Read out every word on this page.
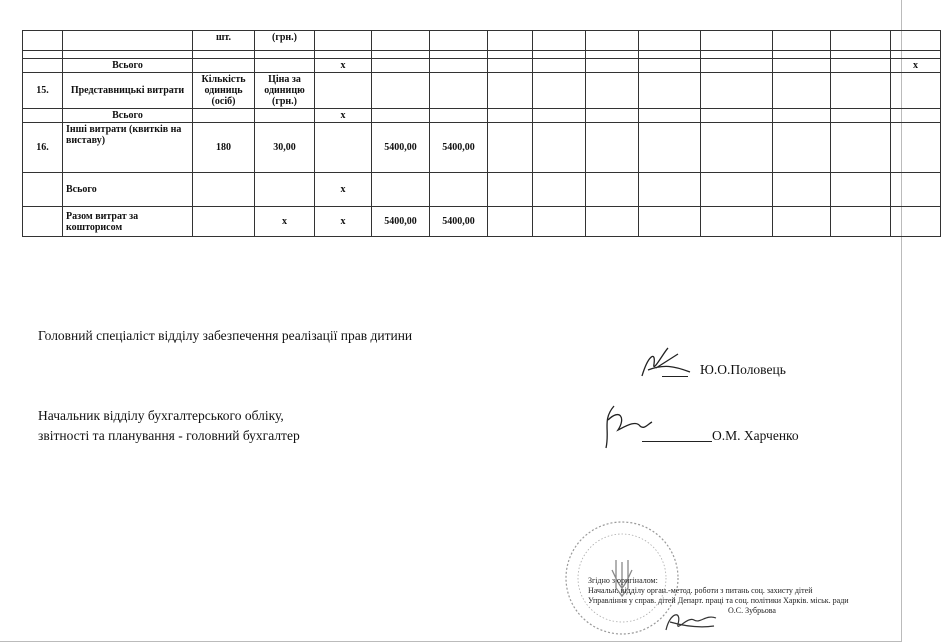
		шт.	(грн.)											

	Всього			х										х
15.	Представницькі витрати	Кількість одиниць (осіб)	Ціна за одиницю (грн.)											
	Всього			х										
16.	Інші витрати (квитків на виставу)	180	30,00		5400,00	5400,00								
	Всього			х										
	Разом витрат за кошторисом		х	х	5400,00	5400,00								
Головний спеціаліст відділу забезпечення реалізації прав дитини
Ю.О.Половець
Начальник відділу бухгалтерського обліку,
звітності та планування - головний бухгалтер	О.М. Харченко
Згідно з оригіналом:
Начальн. відділу орган.-метод. роботи з питань соц. захисту дітей
Управління у справ. дітей Департ. праці та соц. політики Харків. міськ. ради
О.С. Зубрьова
